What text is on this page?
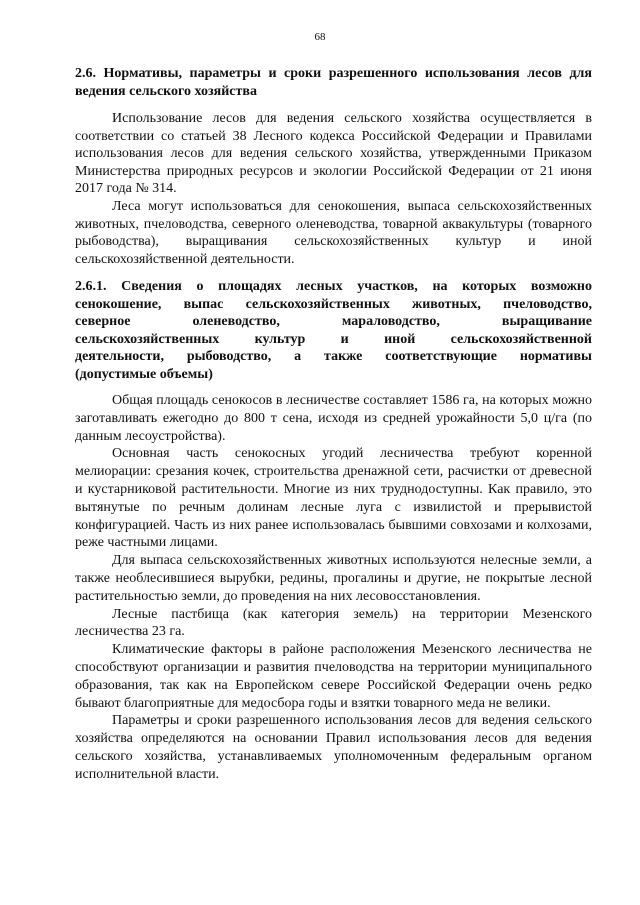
68
2.6. Нормативы, параметры и сроки разрешенного использования лесов для ведения сельского хозяйства

Использование лесов для ведения сельского хозяйства осуществляется в соответствии со статьей 38 Лесного кодекса Российской Федерации и Правилами использования лесов для ведения сельского хозяйства, утвержденными Приказом Министерства природных ресурсов и экологии Российской Федерации от 21 июня 2017 года № 314.

Леса могут использоваться для сенокошения, выпаса сельскохозяйственных животных, пчеловодства, северного оленеводства, товарной аквакультуры (товарного рыбоводства), выращивания сельскохозяйственных культур и иной сельскохозяйственной деятельности.

2.6.1. Сведения о площадях лесных участков, на которых возможно
сенокошение, выпас сельскохозяйственных животных, пчеловодство,
северное оленеводство, мараловодство, выращивание
сельскохозяйственных культур и иной сельскохозяйственной
деятельности, рыбоводство, а также соответствующие нормативы
(допустимые объемы)

Общая площадь сенокосов в лесничестве составляет 1586 га, на которых можно заготавливать ежегодно до 800 т сена, исходя из средней урожайности 5,0 ц/га (по данным лесоустройства).

Основная часть сенокосных угодий лесничества требуют коренной мелиорации: срезания кочек, строительства дренажной сети, расчистки от древесной и кустарниковой растительности. Многие из них труднодоступны. Как правило, это вытянутые по речным долинам лесные луга с извилистой и прерывистой конфигурацией. Часть из них ранее использовалась бывшими совхозами и колхозами, реже частными лицами.

Для выпаса сельскохозяйственных животных используются нелесные земли, а также необлесившиеся вырубки, редины, прогалины и другие, не покрытые лесной растительностью земли, до проведения на них лесовосстановления.

Лесные пастбища (как категория земель) на территории Мезенского лесничества 23 га.

Климатические факторы в районе расположения Мезенского лесничества не способствуют организации и развития пчеловодства на территории муниципального образования, так как на Европейском севере Российской Федерации очень редко бывают благоприятные для медосбора годы и взятки товарного меда не велики.

Параметры и сроки разрешенного использования лесов для ведения сельского хозяйства определяются на основании Правил использования лесов для ведения сельского хозяйства, устанавливаемых уполномоченным федеральным органом исполнительной власти.
